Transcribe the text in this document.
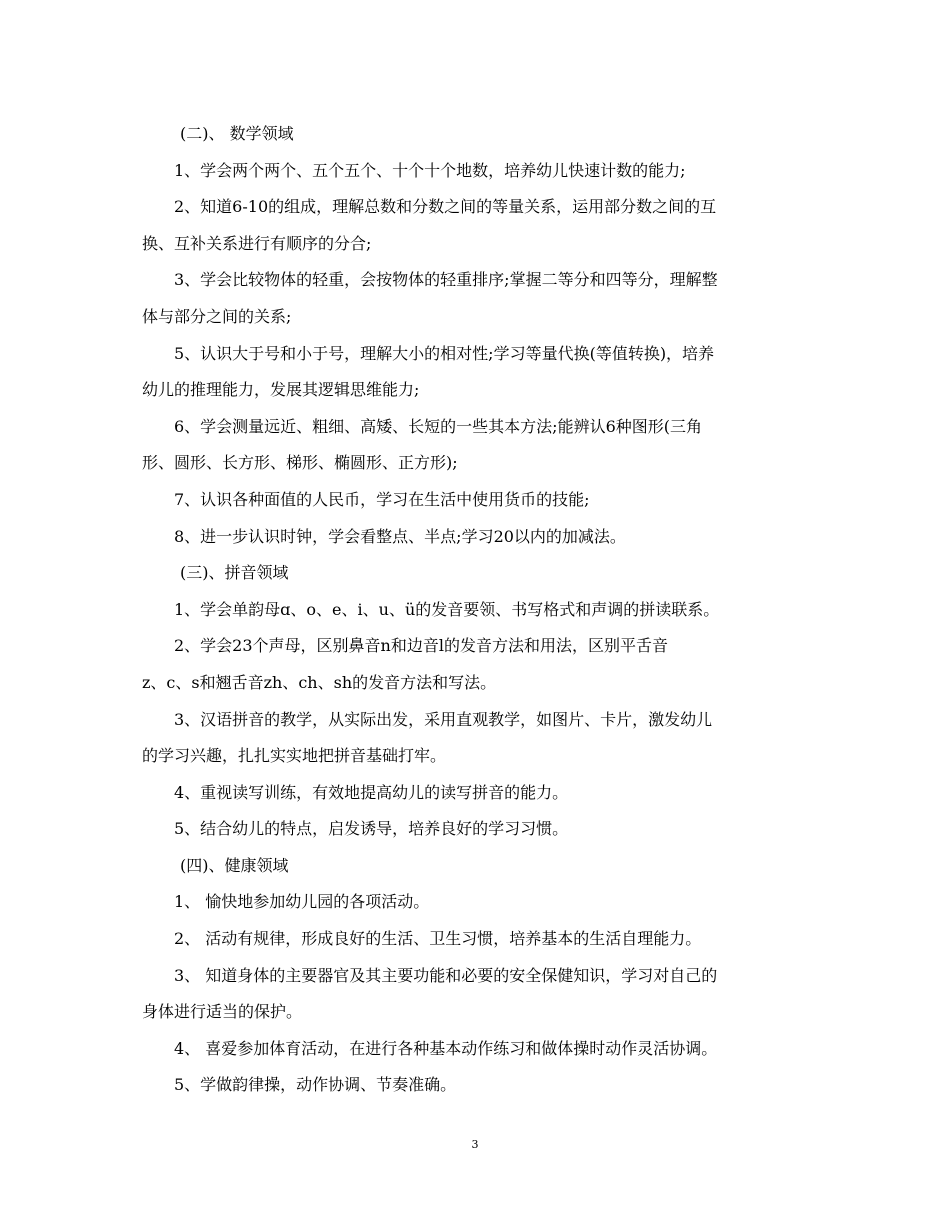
(二)、 数学领域
1、学会两个两个、五个五个、十个十个地数，培养幼儿快速计数的能力;
2、知道6-10的组成，理解总数和分数之间的等量关系，运用部分数之间的互
换、互补关系进行有顺序的分合;
3、学会比较物体的轻重，会按物体的轻重排序;掌握二等分和四等分，理解整
体与部分之间的关系;
5、认识大于号和小于号，理解大小的相对性;学习等量代换(等值转换)，培养
幼儿的推理能力，发展其逻辑思维能力;
6、学会测量远近、粗细、高矮、长短的一些其本方法;能辨认6种图形(三角
形、圆形、长方形、梯形、椭圆形、正方形);
7、认识各种面值的人民币，学习在生活中使用货币的技能;
8、进一步认识时钟，学会看整点、半点;学习20以内的加减法。
(三)、拼音领域
1、学会单韵母ɑ、o、e、i、u、ü的发音要领、书写格式和声调的拼读联系。
2、学会23个声母，区别鼻音n和边音l的发音方法和用法，区别平舌音
z、c、s和翘舌音zh、ch、sh的发音方法和写法。
3、汉语拼音的教学，从实际出发，采用直观教学，如图片、卡片，激发幼儿
的学习兴趣，扎扎实实地把拼音基础打牢。
4、重视读写训练，有效地提高幼儿的读写拼音的能力。
5、结合幼儿的特点，启发诱导，培养良好的学习习惯。
(四)、健康领域
1、 愉快地参加幼儿园的各项活动。
2、 活动有规律，形成良好的生活、卫生习惯，培养基本的生活自理能力。
3、 知道身体的主要器官及其主要功能和必要的安全保健知识，学习对自己的
身体进行适当的保护。
4、 喜爱参加体育活动，在进行各种基本动作练习和做体操时动作灵活协调。
5、学做韵律操，动作协调、节奏准确。
3
